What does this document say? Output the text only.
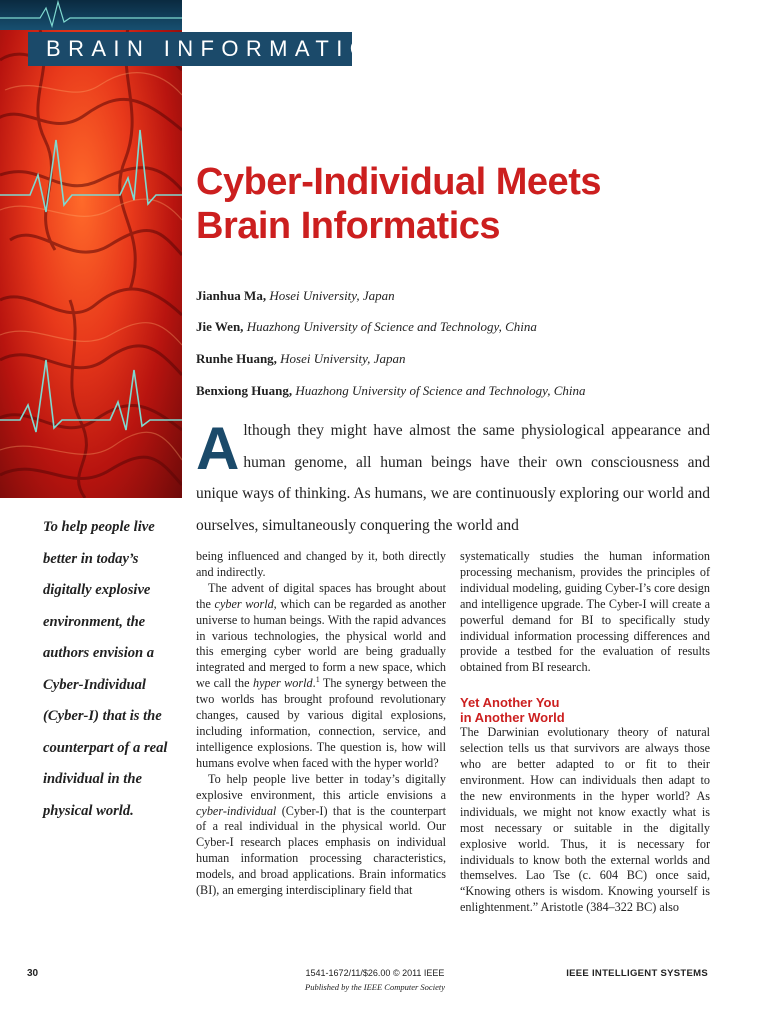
BRAIN INFORMATICS
Cyber-Individual Meets
Brain Informatics
Jianhua Ma, Hosei University, Japan
Jie Wen, Huazhong University of Science and Technology, China
Runhe Huang, Hosei University, Japan
Benxiong Huang, Huazhong University of Science and Technology, China
Although they might have almost the same physiological appearance and human genome, all human beings have their own consciousness and unique ways of thinking. As humans, we are continuously exploring our world and ourselves, simultaneously conquering the world and
To help people live better in today’s digitally explosive environment, the authors envision a Cyber-Individual (Cyber-I) that is the counterpart of a real individual in the physical world.

being influenced and changed by it, both directly and indirectly.

The advent of digital spaces has brought about the cyber world, which can be regarded as another universe to human beings. With the rapid advances in various technologies, the physical world and this emerging cyber world are being gradually integrated and merged to form a new space, which we call the hyper world.$^1$ The synergy between the two worlds has brought profound revolutionary changes, caused by various digital explosions, including information, connection, service, and intelligence explosions. The question is, how will humans evolve when faced with the hyper world?

To help people live better in today’s digitally explosive environment, this article envisions a cyber-individual (Cyber-I) that is the counterpart of a real individual in the physical world. Our Cyber-I research places emphasis on individual human information processing characteristics, models, and broad applications. Brain informatics (BI), an emerging interdisciplinary field that

systematically studies the human information processing mechanism, provides the principles of individual modeling, guiding Cyber-I’s core design and intelligence upgrade. The Cyber-I will create a powerful demand for BI to specifically study individual information processing differences and provide a testbed for the evaluation of results obtained from BI research.

Yet Another You
in Another World

The Darwinian evolutionary theory of natural selection tells us that survivors are always those who are better adapted to or fit to their environment. How can individuals then adapt to the new environments in the hyper world? As individuals, we might not know exactly what is most necessary or suitable in the digitally explosive world. Thus, it is necessary for individuals to know both the external worlds and themselves. Lao Tse (c. 604 BC) once said, “Knowing others is wisdom. Knowing yourself is enlightenment.” Aristotle (384–322 BC) also

30	1541-1672/11/$26.00 © 2011 IEEE
Published by the IEEE Computer Society
IEEE INTELLIGENT SYSTEMS
